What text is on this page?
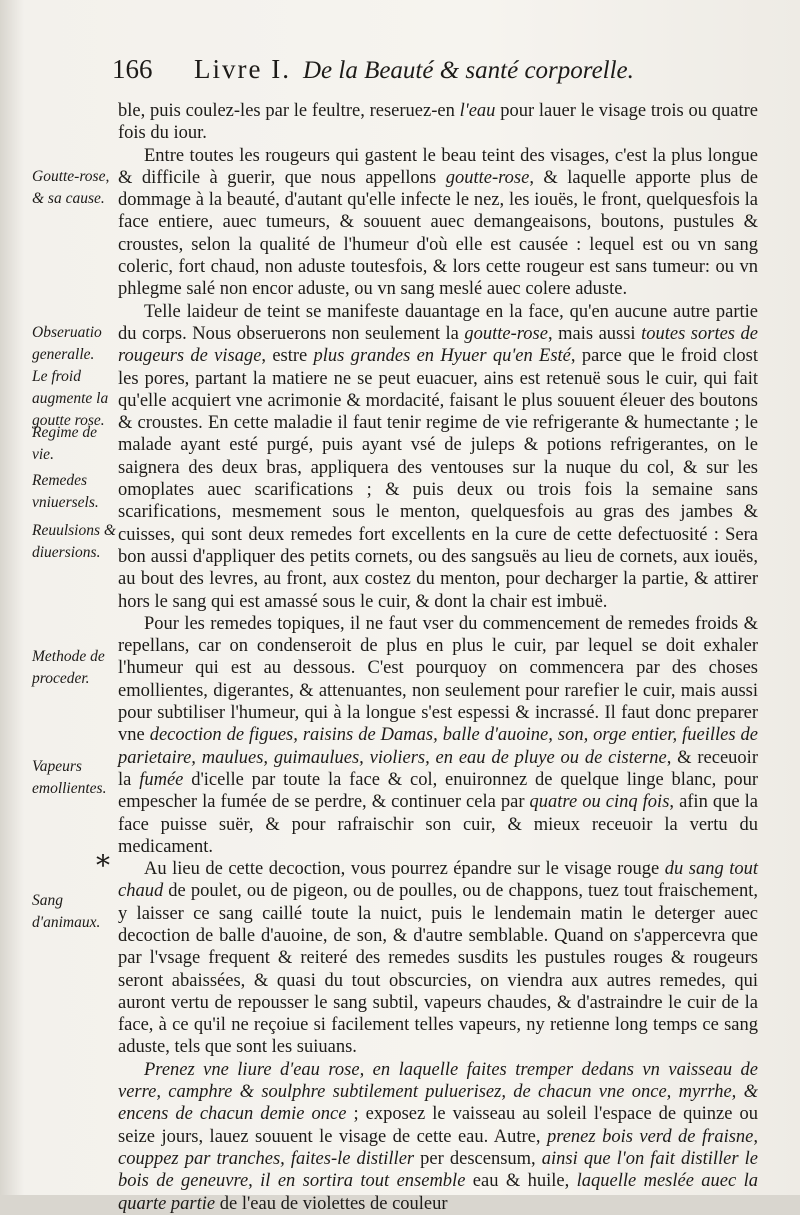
166 Livre I. De la Beauté & santé corporelle.
Goutte-rose, & sa cause.
Obseruatio generalle.
Le froid augmente la goutte rose.
Regime de vie.
Remedes vniuersels.
Reuulsions & diuersions.
Methode de proceder.
Vapeurs emollientes.
Sang d'animaux.
*

ble, puis coulez-les par le feultre, reseruez-en l'eau pour lauer le visage trois ou quatre fois du iour.

Entre toutes les rougeurs qui gastent le beau teint des visages, c'est la plus longue & difficile à guerir, que nous appellons goutte-rose, & laquelle apporte plus de dommage à la beauté, d'autant qu'elle infecte le nez, les iouës, le front, quelquesfois la face entiere, auec tumeurs, & souuent auec demangeaisons, boutons, pustules & croustes, selon la qualité de l'humeur d'où elle est causée : lequel est ou vn sang coleric, fort chaud, non aduste toutesfois, & lors cette rougeur est sans tumeur: ou vn phlegme salé non encor aduste, ou vn sang meslé auec colere aduste.

Telle laideur de teint se manifeste dauantage en la face, qu'en aucune autre partie du corps. Nous obseruerons non seulement la goutte-rose, mais aussi toutes sortes de rougeurs de visage, estre plus grandes en Hyuer qu'en Esté, parce que le froid clost les pores, partant la matiere ne se peut euacuer, ains est retenuë sous le cuir, qui fait qu'elle acquiert vne acrimonie & mordacité, faisant le plus souuent éleuer des boutons & croustes. En cette maladie il faut tenir regime de vie refrigerante & humectante ; le malade ayant esté purgé, puis ayant vsé de juleps & potions refrigerantes, on le saignera des deux bras, appliquera des ventouses sur la nuque du col, & sur les omoplates auec scarifications ; & puis deux ou trois fois la semaine sans scarifications, mesmement sous le menton, quelquesfois au gras des jambes & cuisses, qui sont deux remedes fort excellents en la cure de cette defectuosité : Sera bon aussi d'appliquer des petits cornets, ou des sangsuës au lieu de cornets, aux iouës, au bout des levres, au front, aux costez du menton, pour decharger la partie, & attirer hors le sang qui est amassé sous le cuir, & dont la chair est imbuë.

Pour les remedes topiques, il ne faut vser du commencement de remedes froids & repellans, car on condenseroit de plus en plus le cuir, par lequel se doit exhaler l'humeur qui est au dessous. C'est pourquoy on commencera par des choses emollientes, digerantes, & attenuantes, non seulement pour rarefier le cuir, mais aussi pour subtiliser l'humeur, qui à la longue s'est espessi & incrassé. Il faut donc preparer vne decoction de figues, raisins de Damas, balle d'auoine, son, orge entier, fueilles de parietaire, maulues, guimaulues, violiers, en eau de pluye ou de cisterne, & receuoir la fumée d'icelle par toute la face & col, enuironnez de quelque linge blanc, pour empescher la fumée de se perdre, & continuer cela par quatre ou cinq fois, afin que la face puisse suër, & pour rafraischir son cuir, & mieux receuoir la vertu du medicament.

Au lieu de cette decoction, vous pourrez épandre sur le visage rouge du sang tout chaud de poulet, ou de pigeon, ou de poulles, ou de chappons, tuez tout fraischement, y laisser ce sang caillé toute la nuict, puis le lendemain matin le deterger auec decoction de balle d'auoine, de son, & d'autre semblable. Quand on s'appercevra que par l'vsage frequent & reiteré des remedes susdits les pustules rouges & rougeurs seront abaissées, & quasi du tout obscurcies, on viendra aux autres remedes, qui auront vertu de repousser le sang subtil, vapeurs chaudes, & d'astraindre le cuir de la face, à ce qu'il ne reçoiue si facilement telles vapeurs, ny retienne long temps ce sang aduste, tels que sont les suiuans.

Prenez vne liure d'eau rose, en laquelle faites tremper dedans vn vaisseau de verre, camphre & soulphre subtilement puluerisez, de chacun vne once, myrrhe, & encens de chacun demie once ; exposez le vaisseau au soleil l'espace de quinze ou seize jours, lauez souuent le visage de cette eau. Autre, prenez bois verd de fraisne, couppez par tranches, faites-le distiller per descensum, ainsi que l'on fait distiller le bois de geneuvre, il en sortira tout ensemble eau & huile, laquelle meslée auec la quarte partie de l'eau de violettes de couleur
